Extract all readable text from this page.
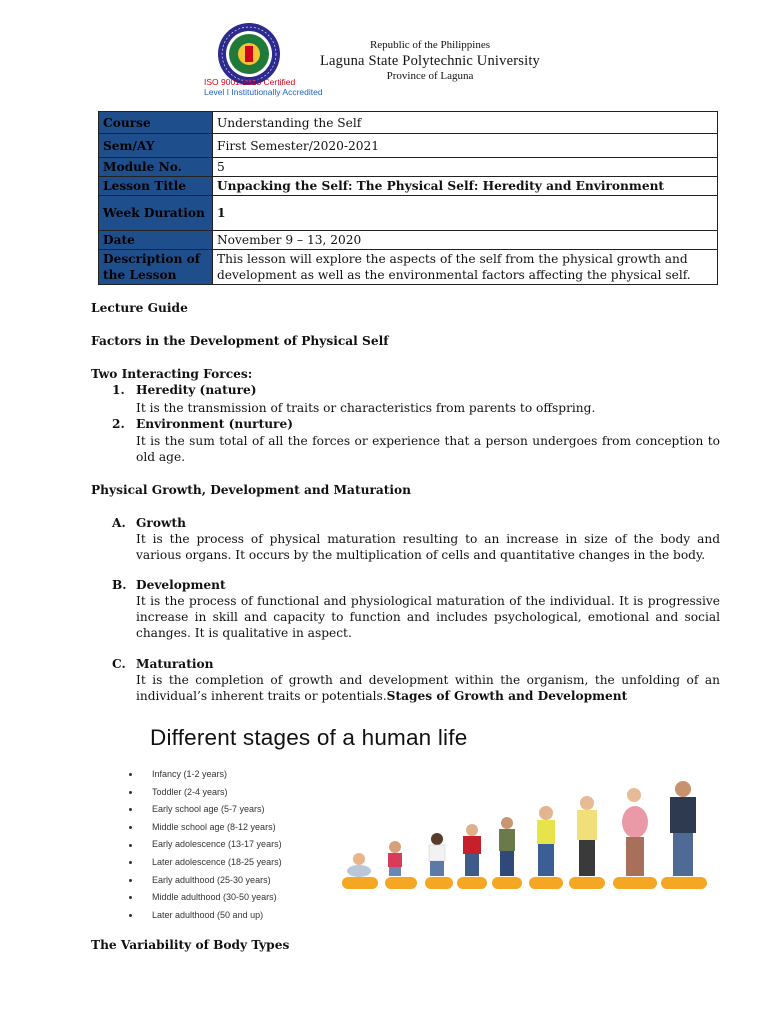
ISO 9001:2015 Certified
Level I Institutionally Accredited
Republic of the Philippines
Laguna State Polytechnic University
Province of Laguna
Course	Understanding the Self
Sem/AY	First Semester/2020-2021
Module No.	5
Lesson Title	Unpacking the Self: The Physical Self: Heredity and Environment
Week Duration	1
Date	November 9 – 13, 2020
Description of the Lesson	This lesson will explore the aspects of the self from the physical growth and development as well as the environmental factors affecting the physical self.
Lecture Guide
Factors in the Development of Physical Self
Two Interacting Forces:
1. Heredity (nature)
It is the transmission of traits or characteristics from parents to offspring.
2. Environment (nurture)
It is the sum total of all the forces or experience that a person undergoes from conception to old age.
Physical Growth, Development and Maturation
A. Growth
It is the process of physical maturation resulting to an increase in size of the body and various organs. It occurs by the multiplication of cells and quantitative changes in the body.
B. Development
It is the process of functional and physiological maturation of the individual. It is progressive increase in skill and capacity to function and includes psychological, emotional and social changes. It is qualitative in aspect.
C. Maturation
It is the completion of growth and development within the organism, the unfolding of an individual’s inherent traits or potentials.Stages of Growth and Development
Different stages of a human life
Infancy (1-2 years)
Toddler (2-4 years)
Early school age (5-7 years)
Middle school age (8-12 years)
Early adolescence (13-17 years)
Later adolescence (18-25 years)
Early adulthood (25-30 years)
Middle adulthood (30-50 years)
Later adulthood (50 and up)
The Variability of Body Types
